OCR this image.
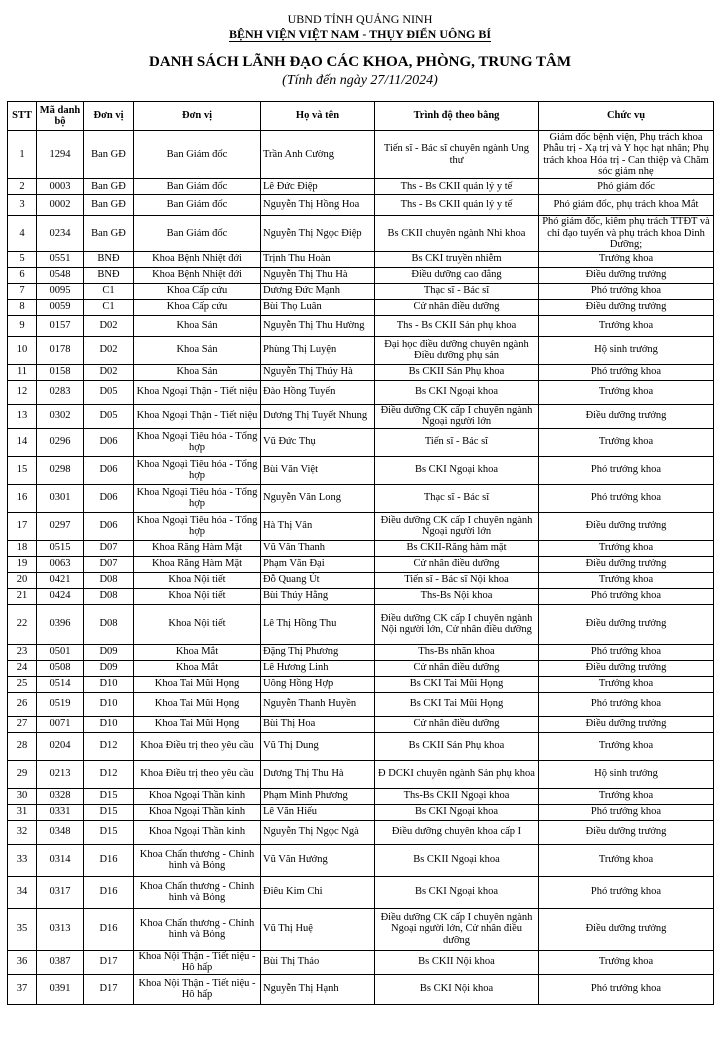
UBND TỈNH QUẢNG NINH
BỆNH VIỆN VIỆT NAM - THỤY ĐIỂN UÔNG BÍ
DANH SÁCH LÃNH ĐẠO CÁC KHOA, PHÒNG, TRUNG TÂM
(Tính đến ngày 27/11/2024)
STT	Mã danh bộ	Đơn vị	Đơn vị	Họ và tên	Trình độ theo bằng	Chức vụ
1	1294	Ban GĐ	Ban Giám đốc	Trần Anh Cường	Tiến sĩ - Bác sĩ chuyên ngành Ung thư	Giám đốc bệnh viện, Phụ trách khoa Phẫu trị - Xạ trị và Y học hạt nhân; Phụ trách khoa Hóa trị - Can thiệp và Chăm sóc giảm nhẹ
2	0003	Ban GĐ	Ban Giám đốc	Lê Đức Điệp	Ths - Bs CKII quản lý y tế	Phó giám đốc
3	0002	Ban GĐ	Ban Giám đốc	Nguyễn Thị Hồng Hoa	Ths - Bs CKII quản lý y tế	Phó giám đốc, phụ trách khoa Mắt
4	0234	Ban GĐ	Ban Giám đốc	Nguyễn Thị Ngọc Điệp	Bs CKII chuyên ngành Nhi khoa	Phó giám đốc, kiêm phụ trách TTĐT và chỉ đạo tuyến và phụ trách khoa Dinh Dưỡng;
5	0551	BNĐ	Khoa Bệnh Nhiệt đới	Trịnh Thu Hoàn	Bs CKI truyền nhiễm	Trưởng khoa
6	0548	BNĐ	Khoa Bệnh Nhiệt đới	Nguyễn Thị Thu Hà	Điều dưỡng cao đẳng	Điều dưỡng trưởng
7	0095	C1	Khoa Cấp cứu	Dương Đức Mạnh	Thạc sĩ - Bác sĩ	Phó trưởng khoa
8	0059	C1	Khoa Cấp cứu	Bùi Thọ Luân	Cử nhân điều dưỡng	Điều dưỡng trưởng
9	0157	D02	Khoa Sản	Nguyễn Thị Thu Hường	Ths - Bs CKII Sản phụ khoa	Trưởng khoa
10	0178	D02	Khoa Sản	Phùng Thị Luyện	Đại học điều dưỡng chuyên ngành Điều dưỡng phụ sản	Hộ sinh trưởng
11	0158	D02	Khoa Sản	Nguyễn Thị Thúy Hà	Bs CKII Sản Phụ khoa	Phó trưởng khoa
12	0283	D05	Khoa Ngoại Thận - Tiết niệu	Đào Hồng Tuyến	Bs CKI Ngoại khoa	Trưởng khoa
13	0302	D05	Khoa Ngoại Thận - Tiết niệu	Dương Thị Tuyết Nhung	Điều dưỡng CK cấp I chuyên ngành Ngoại người lớn	Điều dưỡng trưởng
14	0296	D06	Khoa Ngoại Tiêu hóa - Tổng hợp	Vũ Đức Thụ	Tiến sĩ - Bác sĩ	Trưởng khoa
15	0298	D06	Khoa Ngoại Tiêu hóa - Tổng hợp	Bùi Văn Việt	Bs CKI Ngoại khoa	Phó trưởng khoa
16	0301	D06	Khoa Ngoại Tiêu hóa - Tổng hợp	Nguyễn Văn Long	Thạc sĩ - Bác sĩ	Phó trưởng khoa
17	0297	D06	Khoa Ngoại Tiêu hóa - Tổng hợp	Hà Thị Vân	Điều dưỡng CK cấp I chuyên ngành Ngoại người lớn	Điều dưỡng trưởng
18	0515	D07	Khoa Răng Hàm Mặt	Vũ Văn Thanh	Bs CKII-Răng hàm mặt	Trưởng khoa
19	0063	D07	Khoa Răng Hàm Mặt	Phạm Văn Đại	Cử nhân điều dưỡng	Điều dưỡng trưởng
20	0421	D08	Khoa Nội tiết	Đỗ Quang Út	Tiến sĩ - Bác sĩ Nội khoa	Trưởng khoa
21	0424	D08	Khoa Nội tiết	Bùi Thúy Hằng	Ths-Bs Nội khoa	Phó trưởng khoa
22	0396	D08	Khoa Nội tiết	Lê Thị Hồng Thu	Điều dưỡng CK cấp I chuyên ngành Nội người lớn, Cử nhân điều dưỡng	Điều dưỡng trưởng
23	0501	D09	Khoa Mắt	Đặng Thị Phương	Ths-Bs nhãn khoa	Phó trưởng khoa
24	0508	D09	Khoa Mắt	Lê Hương Linh	Cử nhân điều dưỡng	Điều dưỡng trưởng
25	0514	D10	Khoa Tai Mũi Họng	Uông Hồng Hợp	Bs CKI Tai Mũi Họng	Trưởng khoa
26	0519	D10	Khoa Tai Mũi Họng	Nguyễn Thanh Huyền	Bs CKI Tai Mũi Họng	Phó trưởng khoa
27	0071	D10	Khoa Tai Mũi Họng	Bùi Thị Hoa	Cử nhân điều dưỡng	Điều dưỡng trưởng
28	0204	D12	Khoa Điều trị theo yêu cầu	Vũ Thị Dung	Bs CKII Sản Phụ khoa	Trưởng khoa
29	0213	D12	Khoa Điều trị theo yêu cầu	Dương Thị Thu Hà	Đ DCKI chuyên ngành Sản phụ khoa	Hộ sinh trưởng
30	0328	D15	Khoa Ngoại Thần kinh	Phạm Minh Phương	Ths-Bs CKII Ngoại khoa	Trưởng khoa
31	0331	D15	Khoa Ngoại Thần kinh	Lê Văn Hiếu	Bs CKI Ngoại khoa	Phó trưởng khoa
32	0348	D15	Khoa Ngoại Thần kinh	Nguyễn Thị Ngọc Ngà	Điều dưỡng chuyên khoa cấp I	Điều dưỡng trưởng
33	0314	D16	Khoa Chấn thương - Chỉnh hình và Bỏng	Vũ Văn Hướng	Bs CKII Ngoại khoa	Trưởng khoa
34	0317	D16	Khoa Chấn thương - Chỉnh hình và Bỏng	Điêu Kim Chi	Bs CKI Ngoại khoa	Phó trưởng khoa
35	0313	D16	Khoa Chấn thương - Chỉnh hình và Bỏng	Vũ Thị Huệ	Điều dưỡng CK cấp I chuyên ngành Ngoại người lớn, Cử nhân điều dưỡng	Điều dưỡng trưởng
36	0387	D17	Khoa Nội Thận - Tiết niệu - Hô hấp	Bùi Thị Thảo	Bs CKII Nội khoa	Trưởng khoa
37	0391	D17	Khoa Nội Thận - Tiết niệu - Hô hấp	Nguyễn Thị Hạnh	Bs CKI Nội khoa	Phó trưởng khoa
